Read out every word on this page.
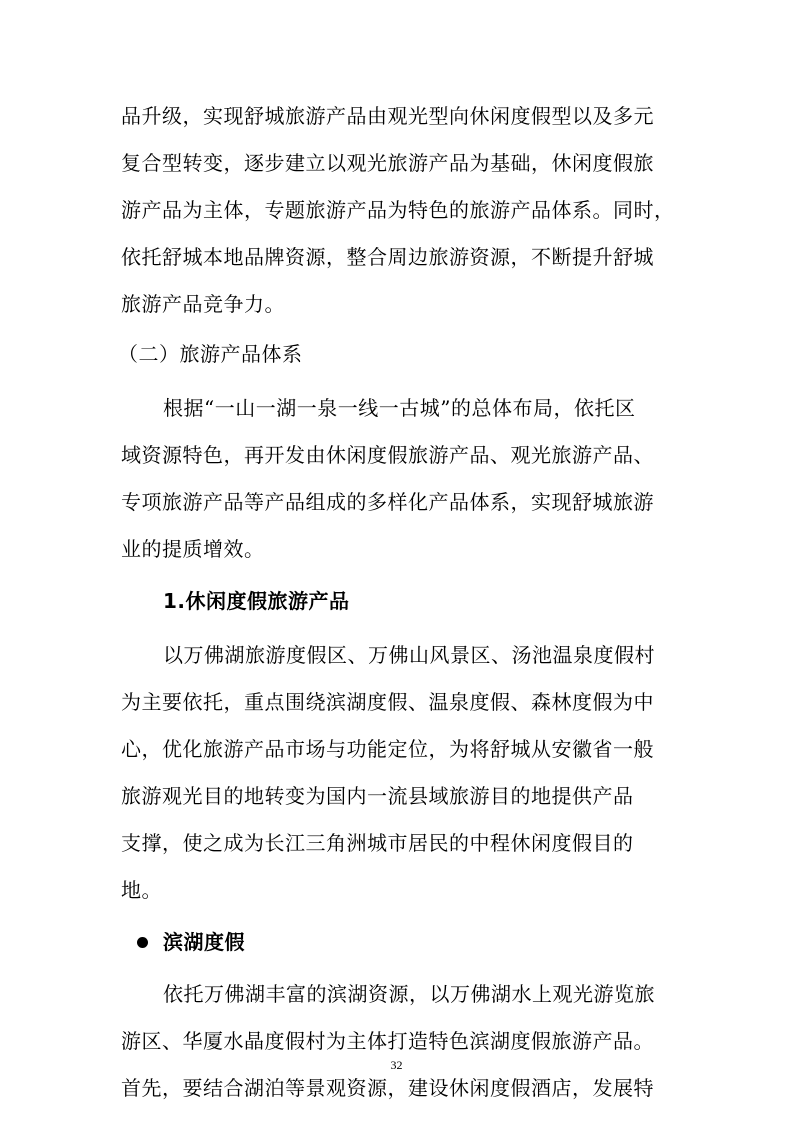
品升级，实现舒城旅游产品由观光型向休闲度假型以及多元
复合型转变，逐步建立以观光旅游产品为基础，休闲度假旅
游产品为主体，专题旅游产品为特色的旅游产品体系。同时，
依托舒城本地品牌资源，整合周边旅游资源，不断提升舒城
旅游产品竞争力。
（二）旅游产品体系
根据“一山一湖一泉一线一古城”的总体布局，依托区
域资源特色，再开发由休闲度假旅游产品、观光旅游产品、
专项旅游产品等产品组成的多样化产品体系，实现舒城旅游
业的提质增效。
1.休闲度假旅游产品
以万佛湖旅游度假区、万佛山风景区、汤池温泉度假村
为主要依托，重点围绕滨湖度假、温泉度假、森林度假为中
心，优化旅游产品市场与功能定位，为将舒城从安徽省一般
旅游观光目的地转变为国内一流县域旅游目的地提供产品
支撑，使之成为长江三角洲城市居民的中程休闲度假目的
地。
滨湖度假
依托万佛湖丰富的滨湖资源，以万佛湖水上观光游览旅
游区、华厦水晶度假村为主体打造特色滨湖度假旅游产品。
首先，要结合湖泊等景观资源，建设休闲度假酒店，发展特
32
